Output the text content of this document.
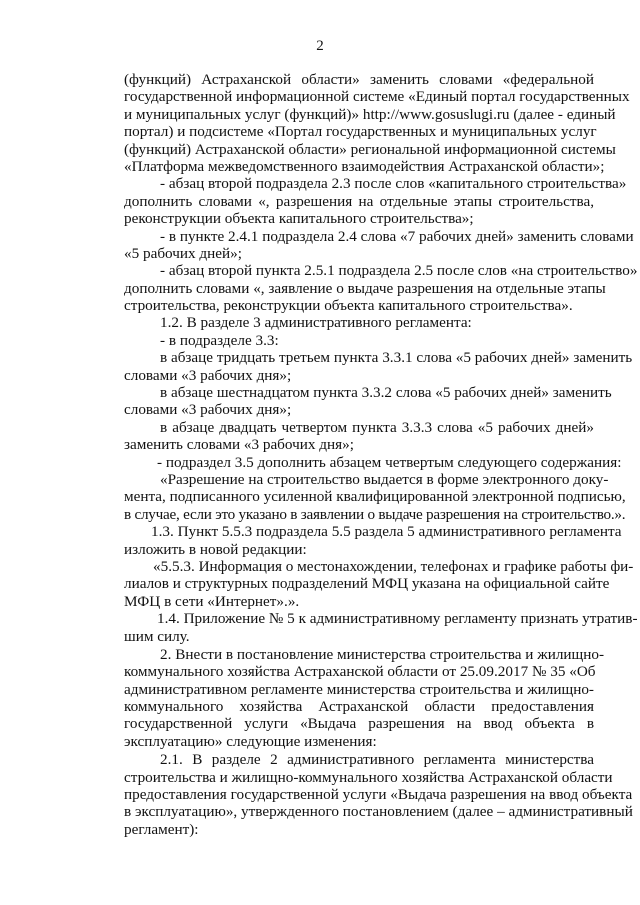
2
(функций) Астраханской области» заменить словами «федеральной
государственной информационной системе «Единый портал государственных
и муниципальных услуг (функций)» http://www.gosuslugi.ru (далее - единый
портал) и подсистеме «Портал государственных и муниципальных услуг
(функций) Астраханской области» региональной информационной системы
«Платформа межведомственного взаимодействия Астраханской области»;
- абзац второй подраздела 2.3 после слов «капитального строительства»
дополнить словами «, разрешения на отдельные этапы строительства,
реконструкции объекта капитального строительства»;
- в пункте 2.4.1 подраздела 2.4 слова «7 рабочих дней» заменить словами
«5 рабочих дней»;
- абзац второй пункта 2.5.1 подраздела 2.5 после слов «на строительство»
дополнить словами «, заявление о выдаче разрешения на отдельные этапы
строительства, реконструкции объекта капитального строительства».
1.2. В разделе 3 административного регламента:
- в подразделе 3.3:
в абзаце тридцать третьем пункта 3.3.1 слова «5 рабочих дней» заменить
словами «3 рабочих дня»;
в абзаце шестнадцатом пункта 3.3.2 слова «5 рабочих дней» заменить
словами «3 рабочих дня»;
в абзаце двадцать четвертом пункта 3.3.3 слова «5 рабочих дней»
заменить словами «3 рабочих дня»;
- подраздел 3.5 дополнить абзацем четвертым следующего содержания:
«Разрешение на строительство выдается в форме электронного доку-
мента, подписанного усиленной квалифицированной электронной подписью,
в случае, если это указано в заявлении о выдаче разрешения на строительство.».
1.3. Пункт 5.5.3 подраздела 5.5 раздела 5 административного регламента
изложить в новой редакции:
«5.5.3. Информация о местонахождении, телефонах и графике работы фи-
лиалов и структурных подразделений МФЦ указана на официальной сайте
МФЦ в сети «Интернет».».
1.4. Приложение № 5 к административному регламенту признать утратив-
шим силу.
2. Внести в постановление министерства строительства и жилищно-
коммунального хозяйства Астраханской области от 25.09.2017 № 35 «Об
административном регламенте министерства строительства и жилищно-
коммунального хозяйства Астраханской области предоставления
государственной услуги «Выдача разрешения на ввод объекта в
эксплуатацию» следующие изменения:
2.1. В разделе 2 административного регламента министерства
строительства и жилищно-коммунального хозяйства Астраханской области
предоставления государственной услуги «Выдача разрешения на ввод объекта
в эксплуатацию», утвержденного постановлением (далее – административный
регламент):
